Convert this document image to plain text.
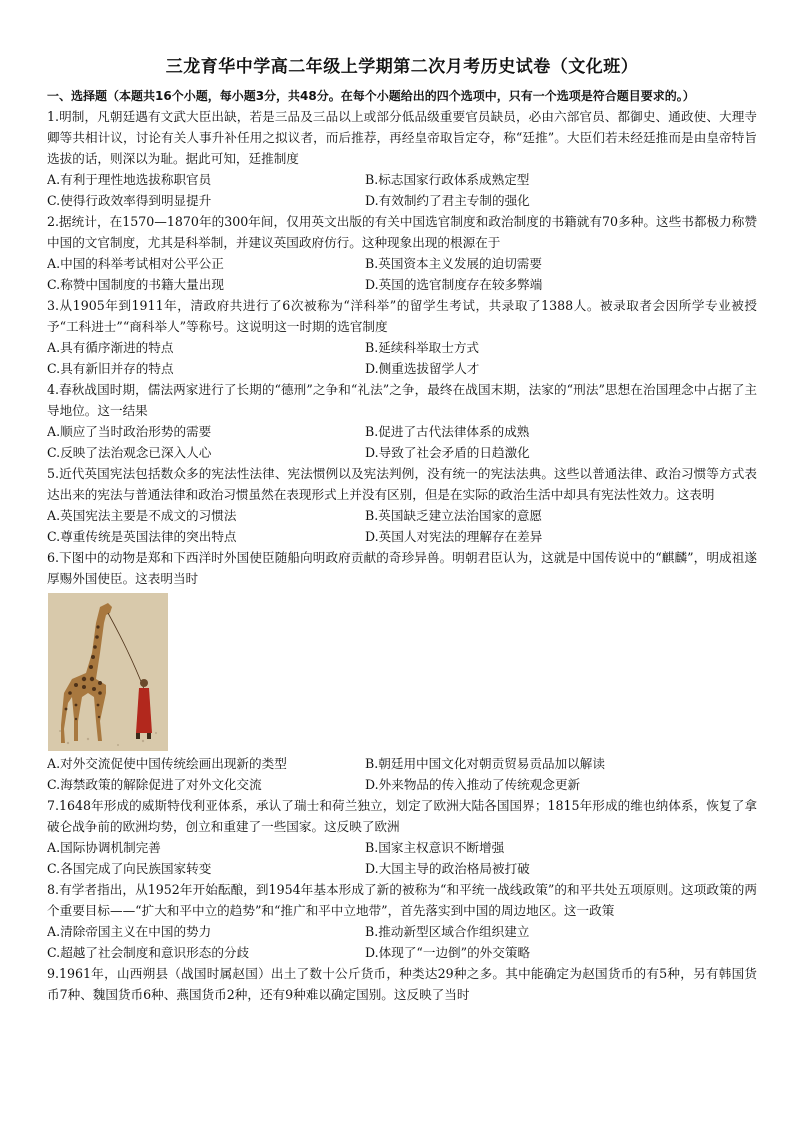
三龙育华中学高二年级上学期第二次月考历史试卷（文化班）

一、选择题（本题共16个小题，每小题3分，共48分。在每个小题给出的四个选项中，只有一个选项是符合题目要求的。）

1.明制，凡朝廷遇有文武大臣出缺，若是三品及三品以上或部分低品级重要官员缺员，必由六部官员、都御史、通政使、大理寺卿等共相计议，讨论有关人事升补任用之拟议者，而后推荐，再经皇帝取旨定夺，称“廷推”。大臣们若未经廷推而是由皇帝特旨选拔的话，则深以为耻。据此可知，廷推制度

A.有利于理性地选拔称职官员	B.标志国家行政体系成熟定型
C.使得行政效率得到明显提升	D.有效制约了君主专制的强化

2.据统计，在1570—1870年的300年间，仅用英文出版的有关中国选官制度和政治制度的书籍就有70多种。这些书都极力称赞中国的文官制度，尤其是科举制，并建议英国政府仿行。这种现象出现的根源在于

A.中国的科举考试相对公平公正	B.英国资本主义发展的迫切需要
C.称赞中国制度的书籍大量出现	D.英国的选官制度存在较多弊端

3.从1905年到1911年，清政府共进行了6次被称为“洋科举”的留学生考试，共录取了1388人。被录取者会因所学专业被授予“工科进士”“商科举人”等称号。这说明这一时期的选官制度

A.具有循序渐进的特点	B.延续科举取士方式
C.具有新旧并存的特点	D.侧重选拔留学人才

4.春秋战国时期，儒法两家进行了长期的“德刑”之争和“礼法”之争，最终在战国末期，法家的“刑法”思想在治国理念中占据了主导地位。这一结果

A.顺应了当时政治形势的需要	B.促进了古代法律体系的成熟
C.反映了法治观念已深入人心	D.导致了社会矛盾的日趋激化

5.近代英国宪法包括数众多的宪法性法律、宪法惯例以及宪法判例，没有统一的宪法法典。这些以普通法律、政治习惯等方式表达出来的宪法与普通法律和政治习惯虽然在表现形式上并没有区别，但是在实际的政治生活中却具有宪法性效力。这表明

A.英国宪法主要是不成文的习惯法	B.英国缺乏建立法治国家的意愿
C.尊重传统是英国法律的突出特点	D.英国人对宪法的理解存在差异

6.下图中的动物是郑和下西洋时外国使臣随船向明政府贡献的奇珍异兽。明朝君臣认为，这就是中国传说中的“麒麟”，明成祖遂厚赐外国使臣。这表明当时

A.对外交流促使中国传统绘画出现新的类型	B.朝廷用中国文化对朝贡贸易贡品加以解读
C.海禁政策的解除促进了对外文化交流	D.外来物品的传入推动了传统观念更新

7.1648年形成的威斯特伐利亚体系，承认了瑞士和荷兰独立，划定了欧洲大陆各国国界；1815年形成的维也纳体系，恢复了拿破仑战争前的欧洲均势，创立和重建了一些国家。这反映了欧洲

A.国际协调机制完善	B.国家主权意识不断增强
C.各国完成了向民族国家转变	D.大国主导的政治格局被打破

8.有学者指出，从1952年开始酝酿，到1954年基本形成了新的被称为“和平统一战线政策”的和平共处五项原则。这项政策的两个重要目标——“扩大和平中立的趋势”和“推广和平中立地带”，首先落实到中国的周边地区。这一政策

A.清除帝国主义在中国的势力	B.推动新型区域合作组织建立
C.超越了社会制度和意识形态的分歧	D.体现了“一边倒”的外交策略

9.1961年，山西朔县（战国时属赵国）出土了数十公斤货币，种类达29种之多。其中能确定为赵国货币的有5种，另有韩国货币7种、魏国货币6种、燕国货币2种，还有9种难以确定国别。这反映了当时
